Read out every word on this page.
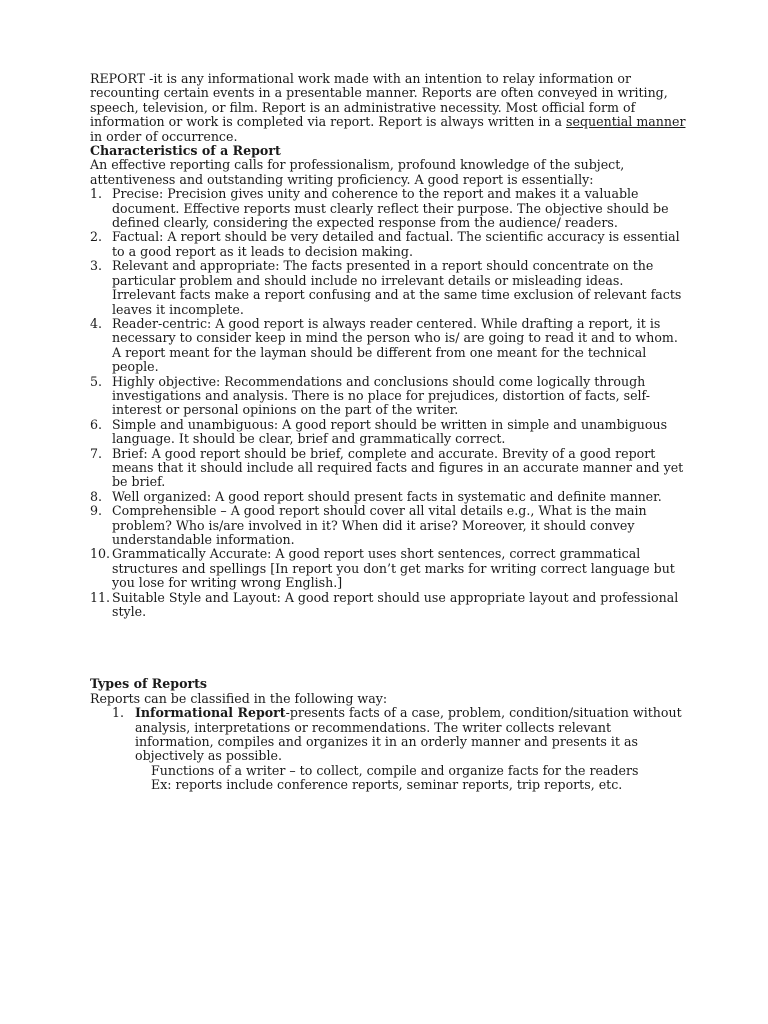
REPORT -it is any informational work made with an intention to relay information or recounting certain events in a presentable manner. Reports are often conveyed in writing, speech, television, or film. Report is an administrative necessity. Most official form of information or work is completed via report. Report is always written in a sequential manner in order of occurrence.

Characteristics of a Report

An effective reporting calls for professionalism, profound knowledge of the subject, attentiveness and outstanding writing proficiency. A good report is essentially:

1. Precise: Precision gives unity and coherence to the report and makes it a valuable document. Effective reports must clearly reflect their purpose. The objective should be defined clearly, considering the expected response from the audience/ readers.
2. Factual: A report should be very detailed and factual. The scientific accuracy is essential to a good report as it leads to decision making.
3. Relevant and appropriate: The facts presented in a report should concentrate on the particular problem and should include no irrelevant details or misleading ideas. Irrelevant facts make a report confusing and at the same time exclusion of relevant facts leaves it incomplete.
4. Reader-centric: A good report is always reader centered. While drafting a report, it is necessary to consider keep in mind the person who is/ are going to read it and to whom. A report meant for the layman should be different from one meant for the technical people.
5. Highly objective: Recommendations and conclusions should come logically through investigations and analysis. There is no place for prejudices, distortion of facts, self- interest or personal opinions on the part of the writer.
6. Simple and unambiguous: A good report should be written in simple and unambiguous language. It should be clear, brief and grammatically correct.
7. Brief: A good report should be brief, complete and accurate. Brevity of a good report means that it should include all required facts and figures in an accurate manner and yet be brief.
8. Well organized: A good report should present facts in systematic and definite manner.
9. Comprehensible – A good report should cover all vital details e.g., What is the main problem? Who is/are involved in it? When did it arise? Moreover, it should convey understandable information.
10. Grammatically Accurate: A good report uses short sentences, correct grammatical structures and spellings [In report you don’t get marks for writing correct language but you lose for writing wrong English.]
11. Suitable Style and Layout: A good report should use appropriate layout and professional style.

Types of Reports

Reports can be classified in the following way:

1. Informational Report-presents facts of a case, problem, condition/situation without analysis, interpretations or recommendations. The writer collects relevant information, compiles and organizes it in an orderly manner and presents it as objectively as possible.

Functions of a writer – to collect, compile and organize facts for the readers

Ex: reports include conference reports, seminar reports, trip reports, etc.
